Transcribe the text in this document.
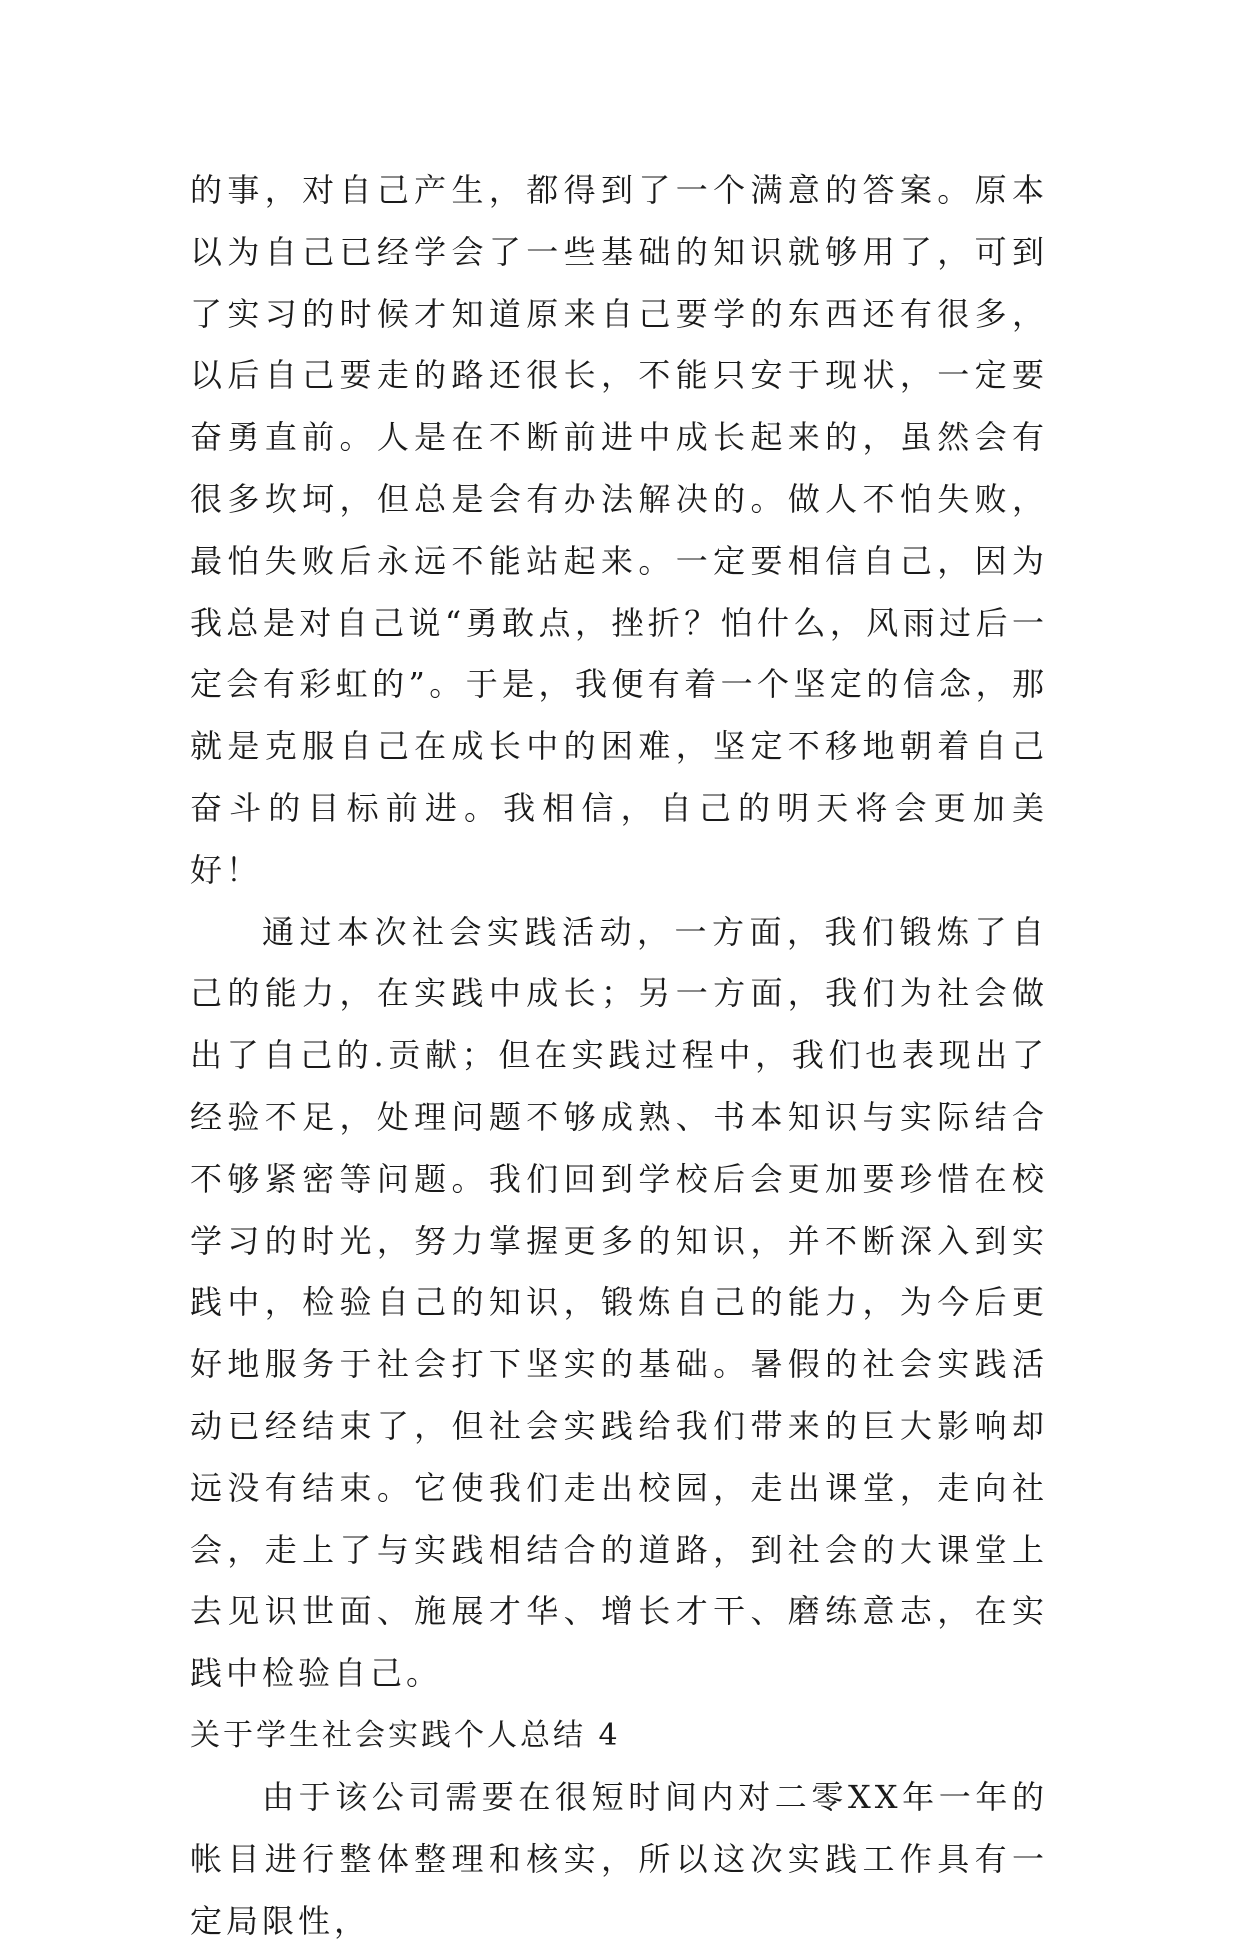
的事，对自己产生，都得到了一个满意的答案。原本以为自己已经学会了一些基础的知识就够用了，可到了实习的时候才知道原来自己要学的东西还有很多，以后自己要走的路还很长，不能只安于现状，一定要奋勇直前。人是在不断前进中成长起来的，虽然会有很多坎坷，但总是会有办法解决的。做人不怕失败，最怕失败后永远不能站起来。一定要相信自己，因为我总是对自己说“勇敢点，挫折？怕什么，风雨过后一定会有彩虹的”。于是，我便有着一个坚定的信念，那就是克服自己在成长中的困难，坚定不移地朝着自己奋斗的目标前进。我相信，自己的明天将会更加美好！

通过本次社会实践活动，一方面，我们锻炼了自己的能力，在实践中成长；另一方面，我们为社会做出了自己的.贡献；但在实践过程中，我们也表现出了经验不足，处理问题不够成熟、书本知识与实际结合不够紧密等问题。我们回到学校后会更加要珍惜在校学习的时光，努力掌握更多的知识，并不断深入到实践中，检验自己的知识，锻炼自己的能力，为今后更好地服务于社会打下坚实的基础。暑假的社会实践活动已经结束了，但社会实践给我们带来的巨大影响却远没有结束。它使我们走出校园，走出课堂，走向社会，走上了与实践相结合的道路，到社会的大课堂上去见识世面、施展才华、增长才干、磨练意志，在实践中检验自己。

关于学生社会实践个人总结 4

由于该公司需要在很短时间内对二零XX年一年的帐目进行整体整理和核实，所以这次实践工作具有一定局限性，
